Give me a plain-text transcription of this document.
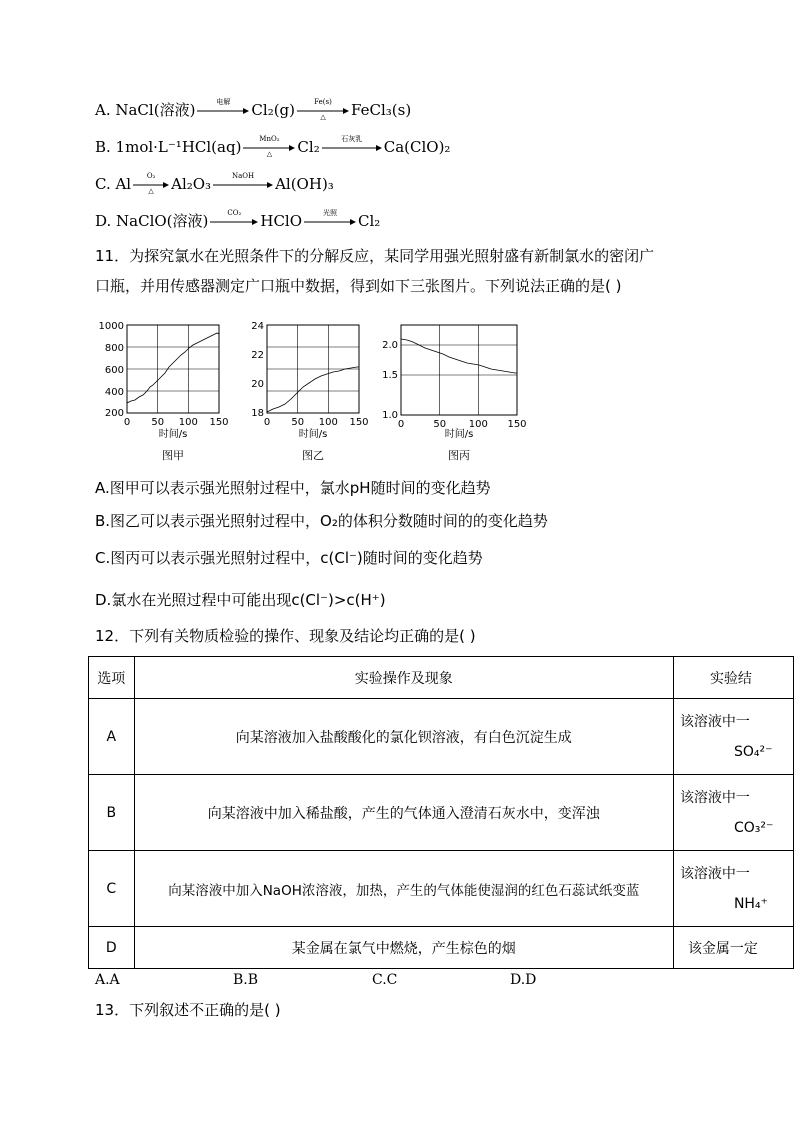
A. NaCl(溶液)	电解	Cl₂(g)	Fe(s)
△	FeCl₃(s)
B. 1mol·L⁻¹HCl(aq)	MnO₂
△	Cl₂	石灰乳	Ca(ClO)₂
C. Al	O₂
△	Al₂O₃	NaOH	Al(OH)₃
D. NaClO(溶液)	CO₂	HClO	光照	Cl₂
11．为探究氯水在光照条件下的分解反应，某同学用强光照射盛有新制氯水的密闭广
口瓶，并用传感器测定广口瓶中数据，得到如下三张图片。下列说法正确的是( )
1000
800
600
400
200
0 50 100 150
时间/s
图甲
24
22
20
18
0 50 100 150
时间/s
图乙
2.0
1.5
1.0
0	50 100 150
时间/s
图丙
A.图甲可以表示强光照射过程中，氯水pH随时间的变化趋势
B.图乙可以表示强光照射过程中，O₂的体积分数随时间的的变化趋势
C.图丙可以表示强光照射过程中，c(Cl⁻)随时间的变化趋势
D.氯水在光照过程中可能出现c(Cl⁻)>c(H⁺)
12．下列有关物质检验的操作、现象及结论均正确的是( )
选项	实验操作及现象	实验结
A	向某溶液加入盐酸酸化的氯化钡溶液，有白色沉淀生成	该溶液中一
SO₄²⁻

B	向某溶液中加入稀盐酸，产生的气体通入澄清石灰水中，变浑浊	该溶液中一
CO₃²⁻

C	向某溶液中加入NaOH浓溶液，加热，产生的气体能使湿润的红色石蕊试纸变蓝	该溶液中一
NH₄⁺

D	某金属在氯气中燃烧，产生棕色的烟	该金属一定
A.A	B.B	C.C	D.D
13．下列叙述不正确的是( )
